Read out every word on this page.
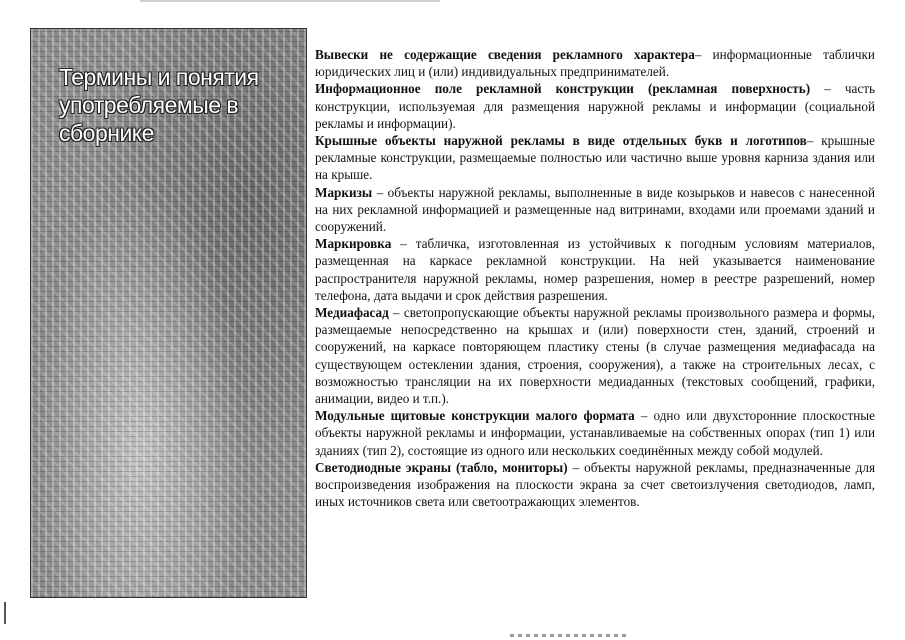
Термины и понятия
употребляемые в
сборнике

Вывески не содержащие сведения рекламного характера– информационные таблички юридических лиц и (или) индивидуальных предпринимателей.

Информационное поле рекламной конструкции (рекламная поверхность) – часть конструкции, используемая для размещения наружной рекламы и информации (социальной рекламы и информации).

Крышные объекты наружной рекламы в виде отдельных букв и логотипов– крышные рекламные конструкции, размещаемые полностью или частично выше уровня карниза здания или на крыше.

Маркизы – объекты наружной рекламы, выполненные в виде козырьков и навесов с нанесенной на них рекламной информацией и размещенные над витринами, входами или проемами зданий и сооружений.

Маркировка – табличка, изготовленная из устойчивых к погодным условиям материалов, размещенная на каркасе рекламной конструкции. На ней указывается наименование распространителя наружной рекламы, номер разрешения, номер в реестре разрешений, номер телефона, дата выдачи и срок действия разрешения.

Медиафасад – светопропускающие объекты наружной рекламы произвольного размера и формы, размещаемые непосредственно на крышах и (или) поверхности стен, зданий, строений и сооружений, на каркасе повторяющем пластику стены (в случае размещения медиафасада на существующем остеклении здания, строения, сооружения), а также на строительных лесах, с возможностью трансляции на их поверхности медиаданных (текстовых сообщений, графики, анимации, видео и т.п.).

Модульные щитовые конструкции малого формата – одно или двухсторонние плоскостные объекты наружной рекламы и информации, устанавливаемые на собственных опорах (тип 1) или зданиях (тип 2), состоящие из одного или нескольких соединённых между собой модулей.

Светодиодные экраны (табло, мониторы) – объекты наружной рекламы, предназначенные для воспроизведения изображения на плоскости экрана за счет светоизлучения светодиодов, ламп, иных источников света или светоотражающих элементов.
